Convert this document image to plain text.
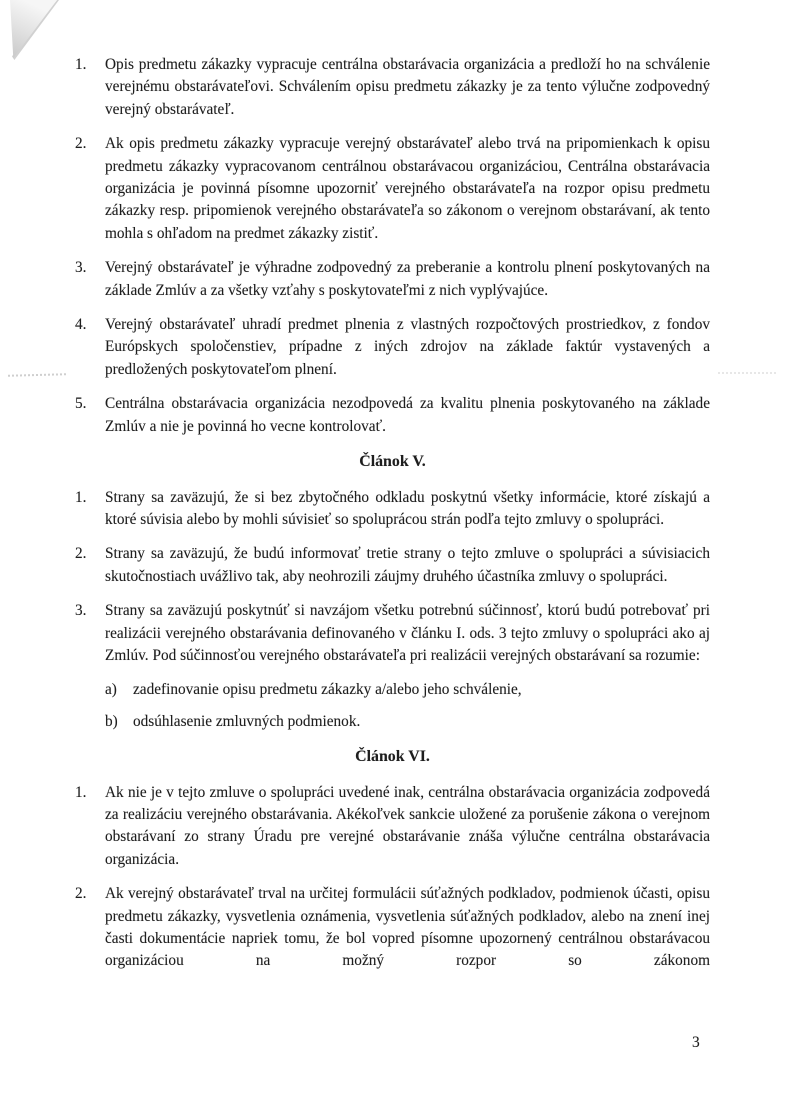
1.	Opis predmetu zákazky vypracuje centrálna obstarávacia organizácia a predloží ho na schválenie verejnému obstarávateľovi. Schválením opisu predmetu zákazky je za tento výlučne zodpovedný verejný obstarávateľ.
2.	Ak opis predmetu zákazky vypracuje verejný obstarávateľ alebo trvá na pripomienkach k opisu predmetu zákazky vypracovanom centrálnou obstarávacou organizáciou, Centrálna obstarávacia organizácia je povinná písomne upozorniť verejného obstarávateľa na rozpor opisu predmetu zákazky resp. pripomienok verejného obstarávateľa so zákonom o verejnom obstarávaní, ak tento mohla s ohľadom na predmet zákazky zistiť.
3.	Verejný obstarávateľ je výhradne zodpovedný za preberanie a kontrolu plnení poskytovaných na základe Zmlúv a za všetky vzťahy s poskytovateľmi z nich vyplývajúce.
4.	Verejný obstarávateľ uhradí predmet plnenia z vlastných rozpočtových prostriedkov, z fondov Európskych spoločenstiev, prípadne z iných zdrojov na základe faktúr vystavených a predložených poskytovateľom plnení.
5.	Centrálna obstarávacia organizácia nezodpovedá za kvalitu plnenia poskytovaného na základe Zmlúv a nie je povinná ho vecne kontrolovať.
Článok V.
1.	Strany sa zaväzujú, že si bez zbytočného odkladu poskytnú všetky informácie, ktoré získajú a ktoré súvisia alebo by mohli súvisieť so spoluprácou strán podľa tejto zmluvy o spolupráci.
2.	Strany sa zaväzujú, že budú informovať tretie strany o tejto zmluve o spolupráci a súvisiacich skutočnostiach uvážlivo tak, aby neohrozili záujmy druhého účastníka zmluvy o spolupráci.
3.	Strany sa zaväzujú poskytnúť si navzájom všetku potrebnú súčinnosť, ktorú budú potrebovať pri realizácii verejného obstarávania definovaného v článku I. ods. 3 tejto zmluvy o spolupráci ako aj Zmlúv. Pod súčinnosťou verejného obstarávateľa pri realizácii verejných obstarávaní sa rozumie:
a)	zadefinovanie opisu predmetu zákazky a/alebo jeho schválenie,
b) odsúhlasenie zmluvných podmienok.
Článok VI.
1.	Ak nie je v tejto zmluve o spolupráci uvedené inak, centrálna obstarávacia organizácia zodpovedá za realizáciu verejného obstarávania. Akékoľvek sankcie uložené za porušenie zákona o verejnom obstarávaní zo strany Úradu pre verejné obstarávanie znáša výlučne centrálna obstarávacia organizácia.
2.	Ak verejný obstarávateľ trval na určitej formulácii súťažných podkladov, podmienok účasti, opisu predmetu zákazky, vysvetlenia oznámenia, vysvetlenia súťažných podkladov, alebo na znení inej časti dokumentácie napriek tomu, že bol vopred písomne upozornený centrálnou obstarávacou organizáciou na možný rozpor so zákonom
3
